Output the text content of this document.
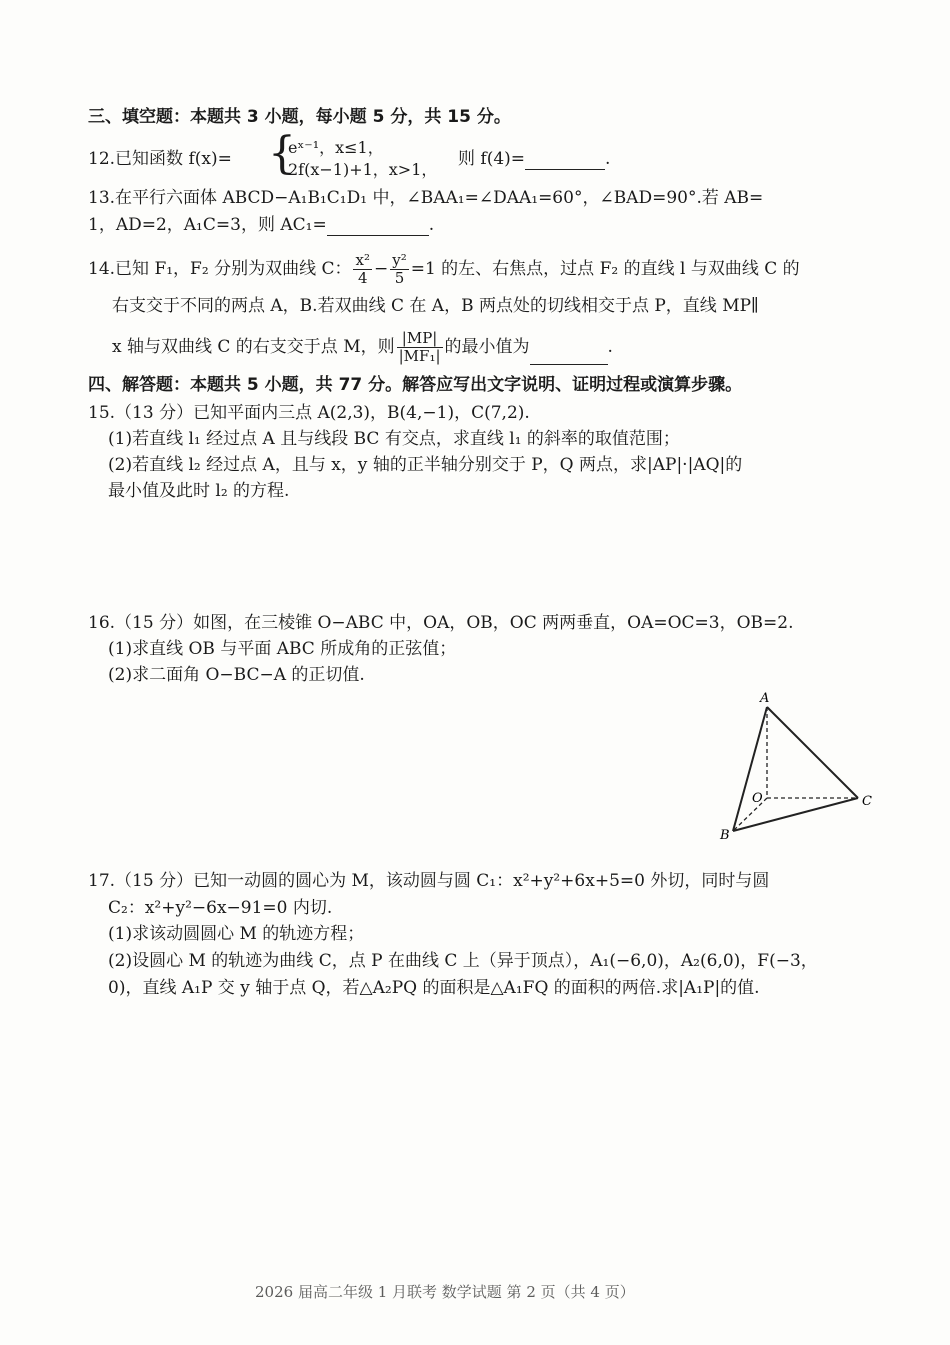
三、填空题：本题共 3 小题，每小题 5 分，共 15 分。
12.已知函数 f(x)= {
eˣ⁻¹，x≤1，
2f(x−1)+1，x>1，
则 f(4)=	.
13.在平行六面体 ABCD−A₁B₁C₁D₁ 中，∠BAA₁=∠DAA₁=60°，∠BAD=90°.若 AB=
1，AD=2，A₁C=3，则 AC₁=	.
14.已知 F₁，F₂ 分别为双曲线 C： $\frac{\text{x²}}{4} - \frac{\text{y²}}{5} =1$ 的左、右焦点，过点 F₂ 的直线 l 与双曲线 C 的
右支交于不同的两点 A，B.若双曲线 C 在 A，B 两点处的切线相交于点 P，直线 MP∥
x 轴与双曲线 C 的右支交于点 M，则 $\frac{|MP|}{\text{|MF₁|}}$ 的最小值为	.
四、解答题：本题共 5 小题，共 77 分。解答应写出文字说明、证明过程或演算步骤。
15.（13 分）已知平面内三点 A(2,3)，B(4,−1)，C(7,2).
(1)若直线 l₁ 经过点 A 且与线段 BC 有交点，求直线 l₁ 的斜率的取值范围；
(2)若直线 l₂ 经过点 A，且与 x，y 轴的正半轴分别交于 P，Q 两点，求|AP|·|AQ|的
最小值及此时 l₂ 的方程.
16.（15 分）如图，在三棱锥 O−ABC 中，OA，OB，OC 两两垂直，OA=OC=3，OB=2.
(1)求直线 OB 与平面 ABC 所成角的正弦值；
(2)求二面角 O−BC−A 的正切值.
A
O
B
C
17.（15 分）已知一动圆的圆心为 M，该动圆与圆 C₁：x²+y²+6x+5=0 外切，同时与圆
C₂：x²+y²−6x−91=0 内切.
(1)求该动圆圆心 M 的轨迹方程；
(2)设圆心 M 的轨迹为曲线 C，点 P 在曲线 C 上（异于顶点），A₁(−6,0)，A₂(6,0)，F(−3，
0)，直线 A₁P 交 y 轴于点 Q，若△A₂PQ 的面积是△A₁FQ 的面积的两倍.求|A₁P|的值.
2026 届高二年级 1 月联考 数学试题 第 2 页（共 4 页）
